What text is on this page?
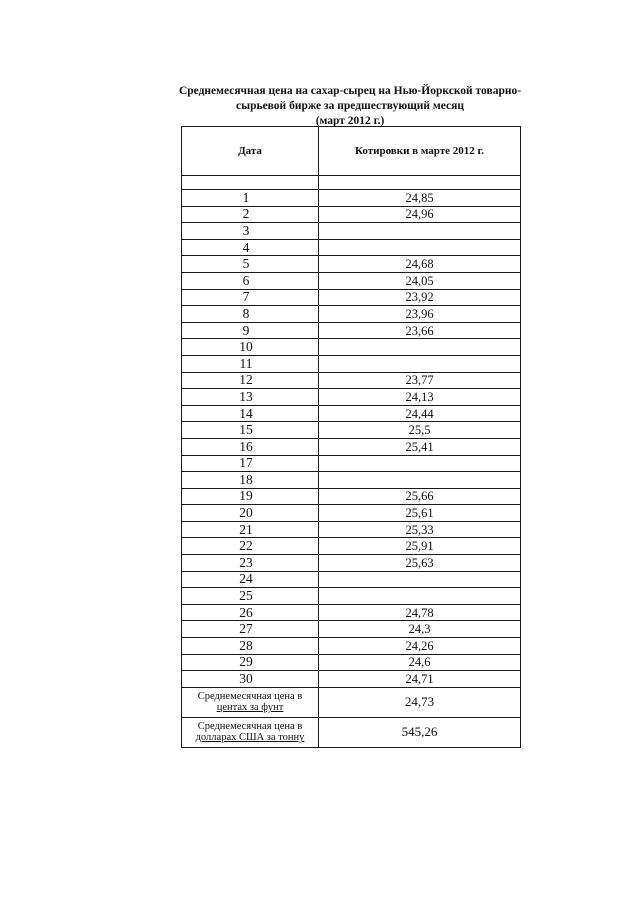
Среднемесячная цена на сахар-сырец на Нью-Йоркской товарно-
сырьевой бирже за предшествующий месяц
(март 2012 г.)
Дата	Котировки в марте 2012 г.

1	24,85
2	24,96
3	
4	
5	24,68
6	24,05
7	23,92
8	23,96
9	23,66
10	
11	
12	23,77
13	24,13
14	24,44
15	25,5
16	25,41
17	
18	
19	25,66
20	25,61
21	25,33
22	25,91
23	25,63
24	
25	
26	24,78
27	24,3
28	24,26
29	24,6
30	24,71

Среднемесячная цена в
центах за фунт	24,73

Среднемесячная цена в
долларах США за тонну	545,26
